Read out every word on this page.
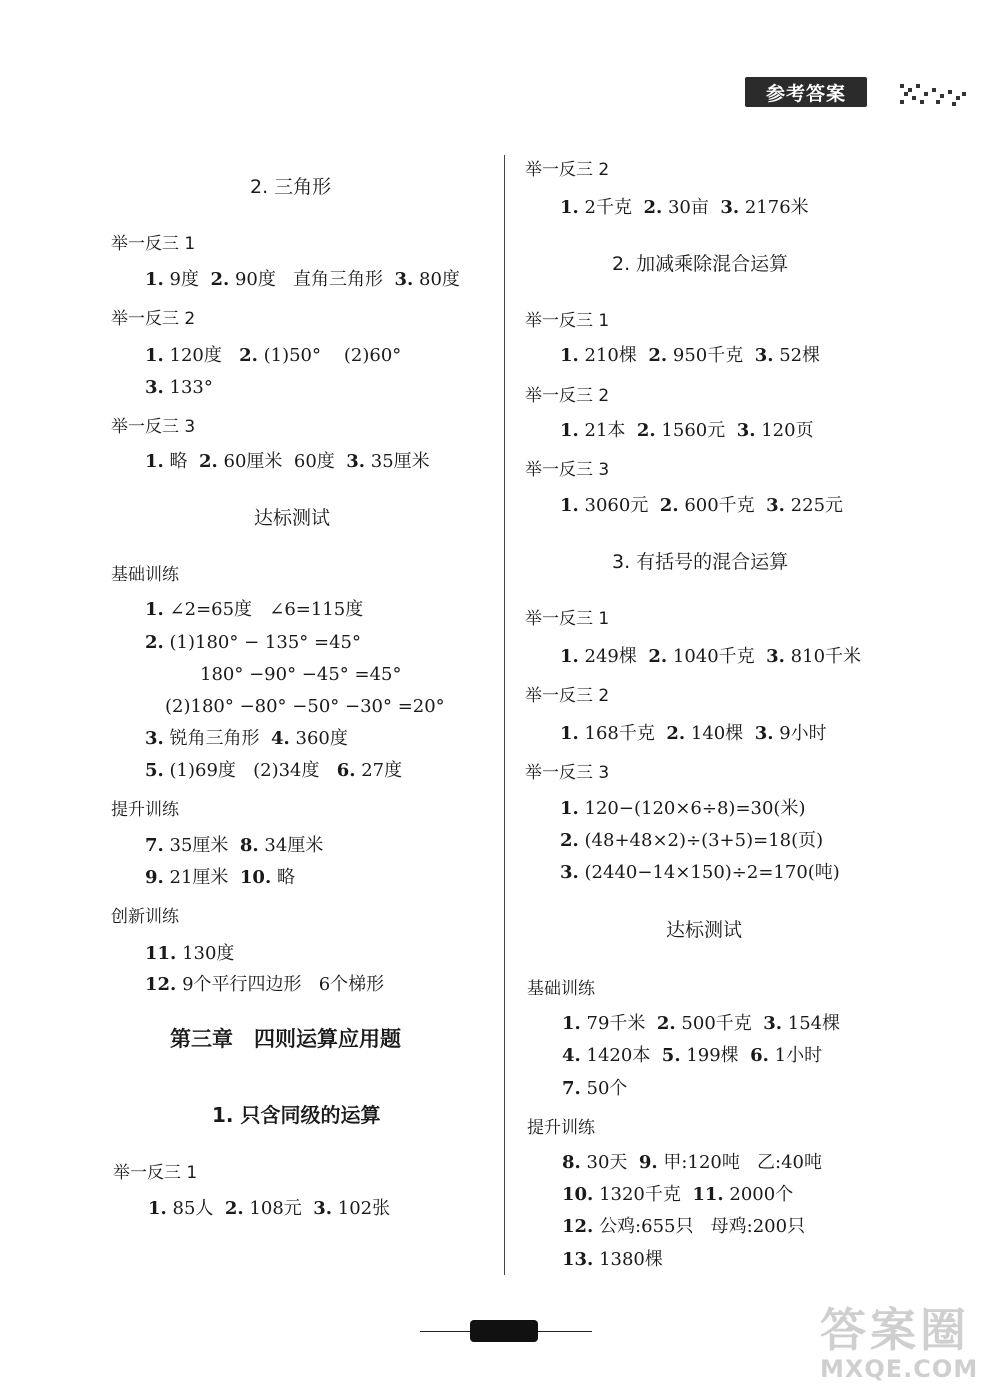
参考答案
2. 三角形
举一反三 1
1. 9度 2. 90度 直角三角形 3. 80度
举一反三 2
1. 120度 2. (1)50° (2)60°
3. 133°
举一反三 3
1. 略 2. 60厘米 60度 3. 35厘米
达标测试
基础训练
1. ∠2=65度 ∠6=115度
2. (1)180° − 135° =45°
180° −90° −45° =45°
(2)180° −80° −50° −30° =20°
3. 锐角三角形 4. 360度
5. (1)69度 (2)34度 6. 27度
提升训练
7. 35厘米 8. 34厘米
9. 21厘米 10. 略
创新训练
11. 130度
12. 9个平行四边形 6个梯形
第三章　四则运算应用题
1. 只含同级的运算
举一反三 1
1. 85人 2. 108元 3. 102张
举一反三 2
1. 2千克 2. 30亩 3. 2176米
2. 加减乘除混合运算
举一反三 1
1. 210棵 2. 950千克 3. 52棵
举一反三 2
1. 21本 2. 1560元 3. 120页
举一反三 3
1. 3060元 2. 600千克 3. 225元
3. 有括号的混合运算
举一反三 1
1. 249棵 2. 1040千克 3. 810千米
举一反三 2
1. 168千克 2. 140棵 3. 9小时
举一反三 3
1. 120−(120×6÷8)=30(米)
2. (48+48×2)÷(3+5)=18(页)
3. (2440−14×150)÷2=170(吨)
达标测试
基础训练
1. 79千米 2. 500千克 3. 154棵
4. 1420本 5. 199棵 6. 1小时
7. 50个
提升训练
8. 30天 9. 甲:120吨 乙:40吨
10. 1320千克 11. 2000个
12. 公鸡:655只 母鸡:200只
13. 1380棵
答案圈
MXQE.COM
